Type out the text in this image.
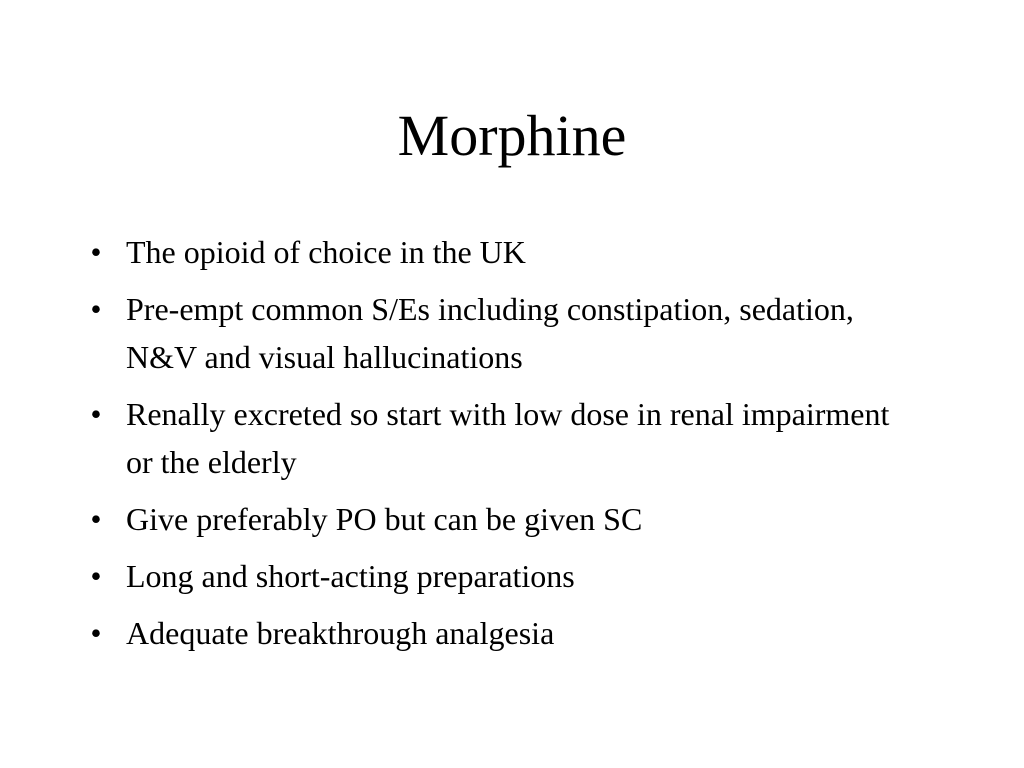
Morphine
• The opioid of choice in the UK
• Pre-empt common S/Es including constipation, sedation, N&V and visual hallucinations
• Renally excreted so start with low dose in renal impairment or the elderly
• Give preferably PO but can be given SC
• Long and short-acting preparations
• Adequate breakthrough analgesia
